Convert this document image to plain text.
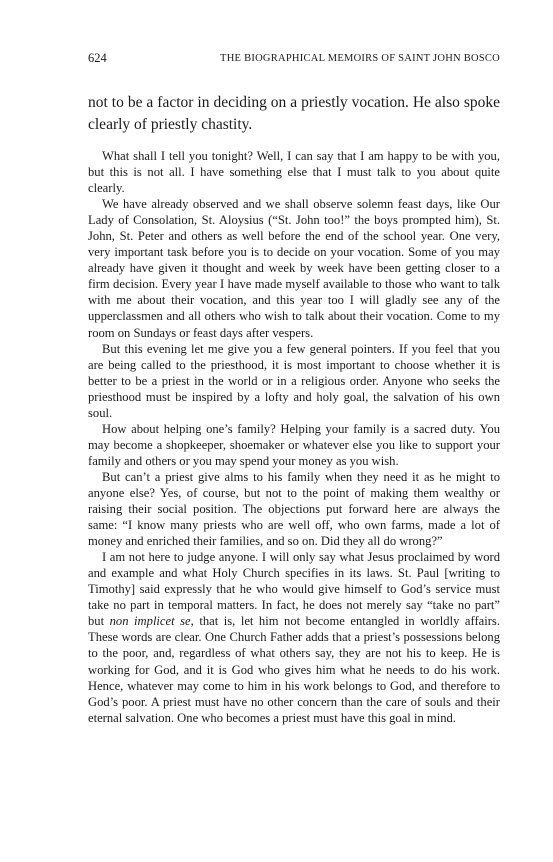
624	THE BIOGRAPHICAL MEMOIRS OF SAINT JOHN BOSCO

not to be a factor in deciding on a priestly vocation. He also spoke clearly of priestly chastity.

What shall I tell you tonight? Well, I can say that I am happy to be with you, but this is not all. I have something else that I must talk to you about quite clearly.

We have already observed and we shall observe solemn feast days, like Our Lady of Consolation, St. Aloysius (“St. John too!” the boys prompted him), St. John, St. Peter and others as well before the end of the school year. One very, very important task before you is to decide on your vocation. Some of you may already have given it thought and week by week have been getting closer to a firm decision. Every year I have made myself available to those who want to talk with me about their vocation, and this year too I will gladly see any of the upperclassmen and all others who wish to talk about their vocation. Come to my room on Sundays or feast days after vespers.

But this evening let me give you a few general pointers. If you feel that you are being called to the priesthood, it is most important to choose whether it is better to be a priest in the world or in a religious order. Anyone who seeks the priesthood must be inspired by a lofty and holy goal, the salvation of his own soul.

How about helping one’s family? Helping your family is a sacred duty. You may become a shopkeeper, shoemaker or whatever else you like to support your family and others or you may spend your money as you wish.

But can’t a priest give alms to his family when they need it as he might to anyone else? Yes, of course, but not to the point of making them wealthy or raising their social position. The objections put forward here are always the same: “I know many priests who are well off, who own farms, made a lot of money and enriched their families, and so on. Did they all do wrong?”

I am not here to judge anyone. I will only say what Jesus proclaimed by word and example and what Holy Church specifies in its laws. St. Paul [writing to Timothy] said expressly that he who would give himself to God’s service must take no part in temporal matters. In fact, he does not merely say “take no part” but non implicet se, that is, let him not become entangled in worldly affairs. These words are clear. One Church Father adds that a priest’s possessions belong to the poor, and, regardless of what others say, they are not his to keep. He is working for God, and it is God who gives him what he needs to do his work. Hence, whatever may come to him in his work belongs to God, and therefore to God’s poor. A priest must have no other concern than the care of souls and their eternal salvation. One who becomes a priest must have this goal in mind.
